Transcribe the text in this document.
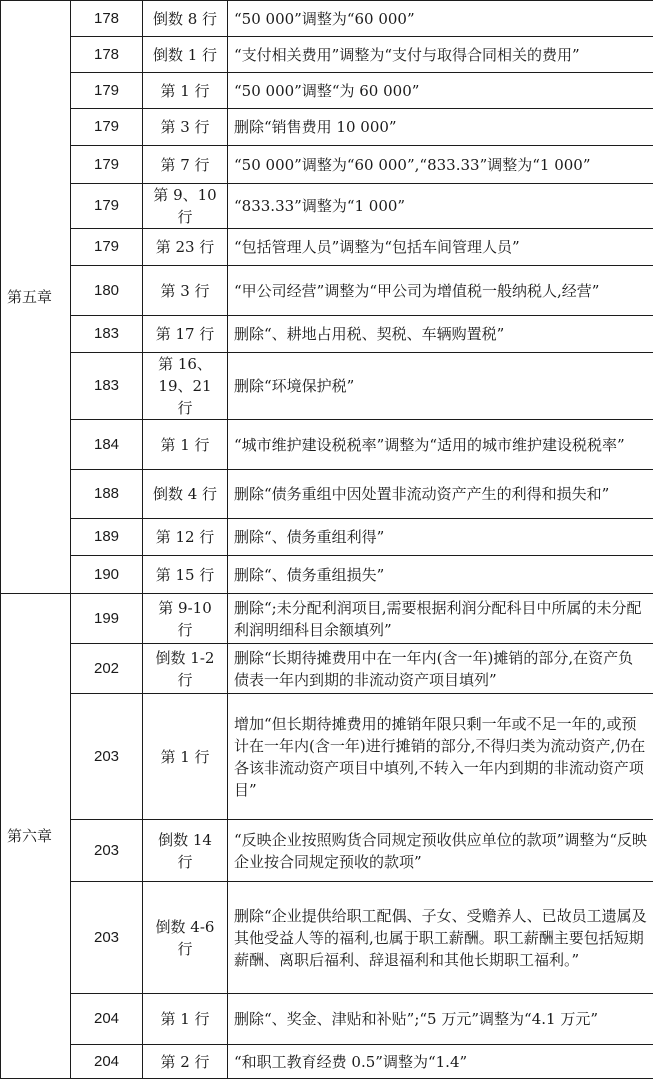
第五章	178	倒数 8 行	“50 000”调整为“60 000”
	178	倒数 1 行	“支付相关费用”调整为“支付与取得合同相关的费用”
	179	第 1 行	“50 000”调整“为 60 000”
	179	第 3 行	删除“销售费用 10 000”
	179	第 7 行	“50 000”调整为“60 000”,“833.33”调整为“1 000”
	179	第 9、10 行	“833.33”调整为“1 000”
	179	第 23 行	“包括管理人员”调整为“包括车间管理人员”
	180	第 3 行	“甲公司经营”调整为“甲公司为增值税一般纳税人,经营”
	183	第 17 行	删除“、耕地占用税、契税、车辆购置税”
	183	第 16、19、21 行	删除“环境保护税”
	184	第 1 行	“城市维护建设税税率”调整为“适用的城市维护建设税税率”
	188	倒数 4 行	删除“债务重组中因处置非流动资产产生的利得和损失和”
	189	第 12 行	删除“、债务重组利得”
	190	第 15 行	删除“、债务重组损失”
第六章	199	第 9-10 行	删除“;未分配利润项目,需要根据利润分配科目中所属的未分配利润明细科目余额填列”
	202	倒数 1-2 行	删除“长期待摊费用中在一年内(含一年)摊销的部分,在资产负债表一年内到期的非流动资产项目填列”
	203	第 1 行	增加“但长期待摊费用的摊销年限只剩一年或不足一年的,或预计在一年内(含一年)进行摊销的部分,不得归类为流动资产,仍在各该非流动资产项目中填列,不转入一年内到期的非流动资产项目”
	203	倒数 14 行	“反映企业按照购货合同规定预收供应单位的款项”调整为“反映企业按合同规定预收的款项”
	203	倒数 4-6 行	删除“企业提供给职工配偶、子女、受赡养人、已故员工遗属及其他受益人等的福利,也属于职工薪酬。职工薪酬主要包括短期薪酬、离职后福利、辞退福利和其他长期职工福利。”
	204	第 1 行	删除“、奖金、津贴和补贴”;“5 万元”调整为“4.1 万元”
	204	第 2 行	“和职工教育经费 0.5”调整为“1.4”
